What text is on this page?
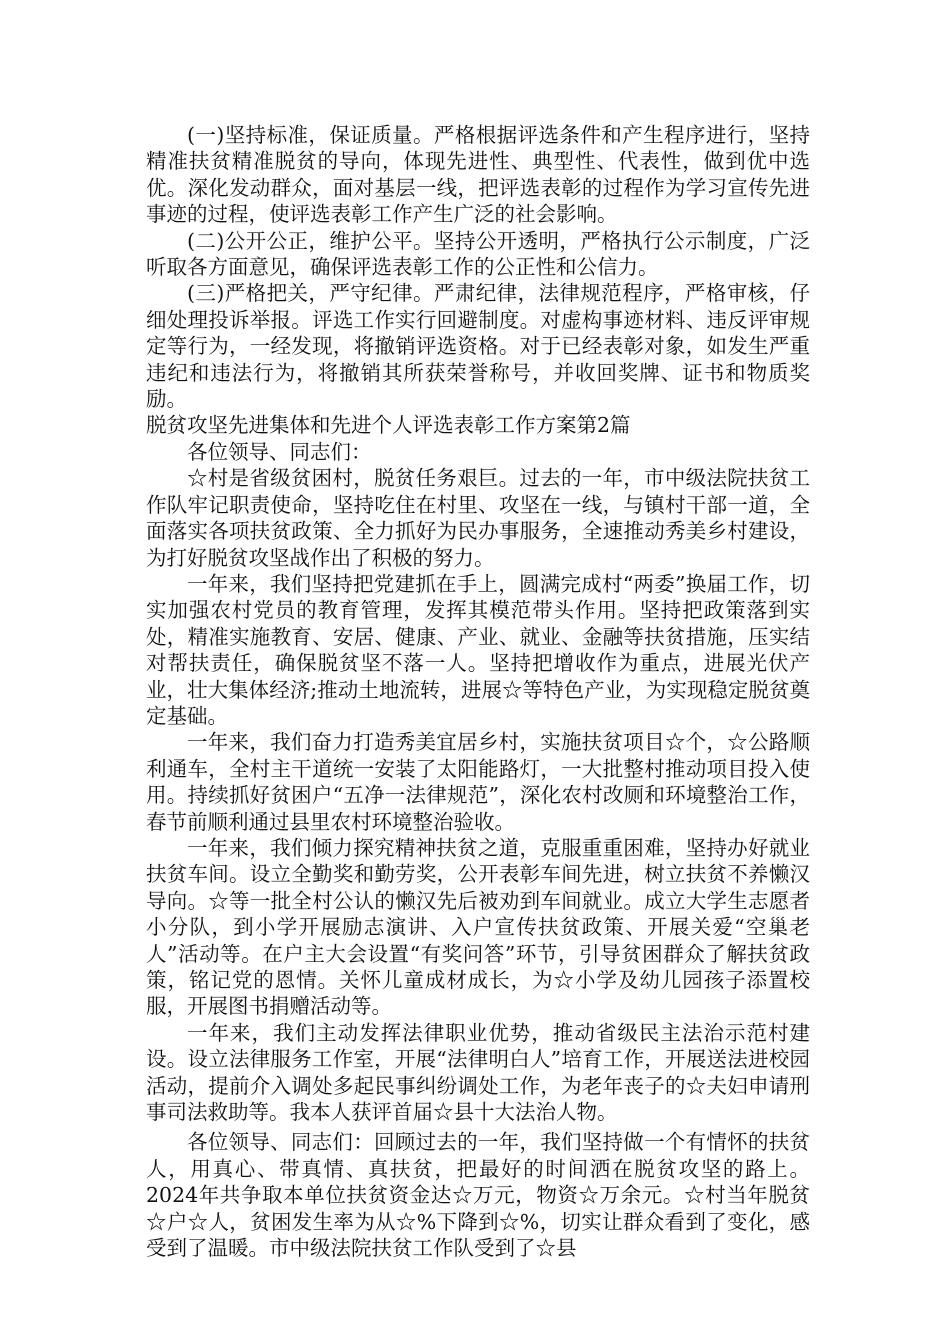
(一)坚持标准，保证质量。严格根据评选条件和产生程序进行，坚持精准扶贫精准脱贫的导向，体现先进性、典型性、代表性，做到优中选优。深化发动群众，面对基层一线，把评选表彰的过程作为学习宣传先进事迹的过程，使评选表彰工作产生广泛的社会影响。

(二)公开公正，维护公平。坚持公开透明，严格执行公示制度，广泛听取各方面意见，确保评选表彰工作的公正性和公信力。

(三)严格把关，严守纪律。严肃纪律，法律规范程序，严格审核，仔细处理投诉举报。评选工作实行回避制度。对虚构事迹材料、违反评审规定等行为，一经发现，将撤销评选资格。对于已经表彰对象，如发生严重违纪和违法行为，将撤销其所获荣誉称号，并收回奖牌、证书和物质奖励。

脱贫攻坚先进集体和先进个人评选表彰工作方案第2篇

各位领导、同志们：

☆村是省级贫困村，脱贫任务艰巨。过去的一年，市中级法院扶贫工作队牢记职责使命，坚持吃住在村里、攻坚在一线，与镇村干部一道，全面落实各项扶贫政策、全力抓好为民办事服务，全速推动秀美乡村建设，为打好脱贫攻坚战作出了积极的努力。

一年来，我们坚持把党建抓在手上，圆满完成村“两委”换届工作，切实加强农村党员的教育管理，发挥其模范带头作用。坚持把政策落到实处，精准实施教育、安居、健康、产业、就业、金融等扶贫措施，压实结对帮扶责任，确保脱贫坚不落一人。坚持把增收作为重点，进展光伏产业，壮大集体经济;推动土地流转，进展☆等特色产业，为实现稳定脱贫奠定基础。

一年来，我们奋力打造秀美宜居乡村，实施扶贫项目☆个，☆公路顺利通车，全村主干道统一安装了太阳能路灯，一大批整村推动项目投入使用。持续抓好贫困户“五净一法律规范”，深化农村改厕和环境整治工作，春节前顺利通过县里农村环境整治验收。

一年来，我们倾力探究精神扶贫之道，克服重重困难，坚持办好就业扶贫车间。设立全勤奖和勤劳奖，公开表彰车间先进，树立扶贫不养懒汉导向。☆等一批全村公认的懒汉先后被劝到车间就业。成立大学生志愿者小分队，到小学开展励志演讲、入户宣传扶贫政策、开展关爱“空巢老人”活动等。在户主大会设置“有奖问答”环节，引导贫困群众了解扶贫政策，铭记党的恩情。关怀儿童成材成长，为☆小学及幼儿园孩子添置校服，开展图书捐赠活动等。

一年来，我们主动发挥法律职业优势，推动省级民主法治示范村建设。设立法律服务工作室，开展“法律明白人”培育工作，开展送法进校园活动，提前介入调处多起民事纠纷调处工作，为老年丧子的☆夫妇申请刑事司法救助等。我本人获评首届☆县十大法治人物。

各位领导、同志们：回顾过去的一年，我们坚持做一个有情怀的扶贫人，用真心、带真情、真扶贫，把最好的时间洒在脱贫攻坚的路上。2024年共争取本单位扶贫资金达☆万元，物资☆万余元。☆村当年脱贫☆户☆人，贫困发生率为从☆%下降到☆%，切实让群众看到了变化，感受到了温暖。市中级法院扶贫工作队受到了☆县
